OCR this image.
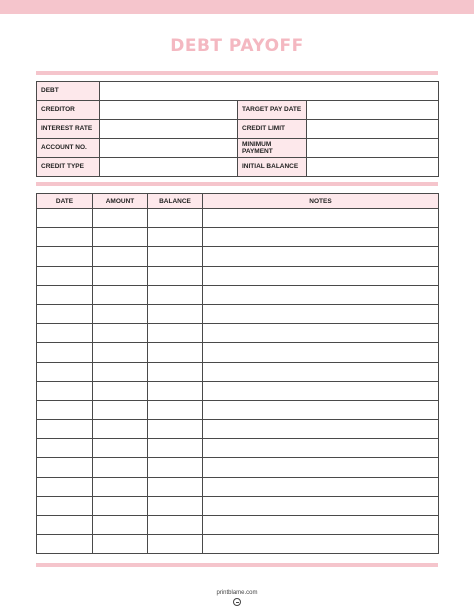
DEBT PAYOFF
DEBT			
CREDITOR		TARGET PAY DATE	
INTEREST RATE		CREDIT LIMIT	
ACCOUNT NO.		MINIMUM PAYMENT	
CREDIT TYPE		INITIAL BALANCE	
DATE	AMOUNT	BALANCE	NOTES

printblame.com
